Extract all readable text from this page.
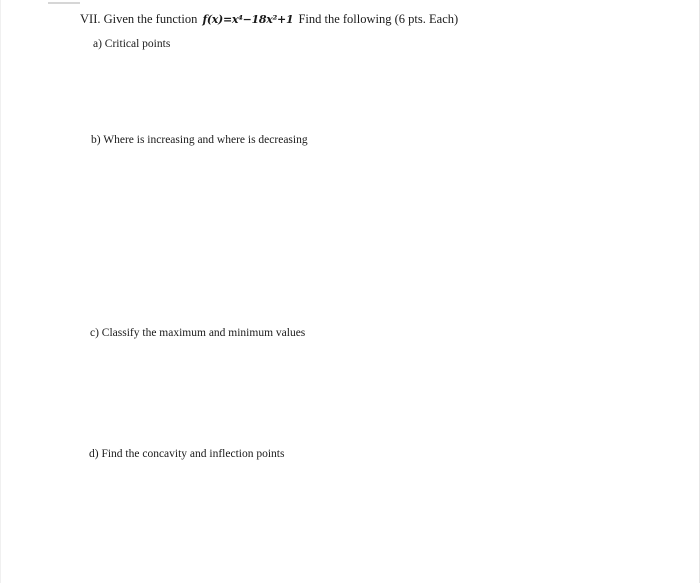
VII. Given the function f(x)=x⁴−18x²+1 Find the following (6 pts. Each)
a) Critical points
b) Where is increasing and where is decreasing
c) Classify the maximum and minimum values
d) Find the concavity and inflection points
